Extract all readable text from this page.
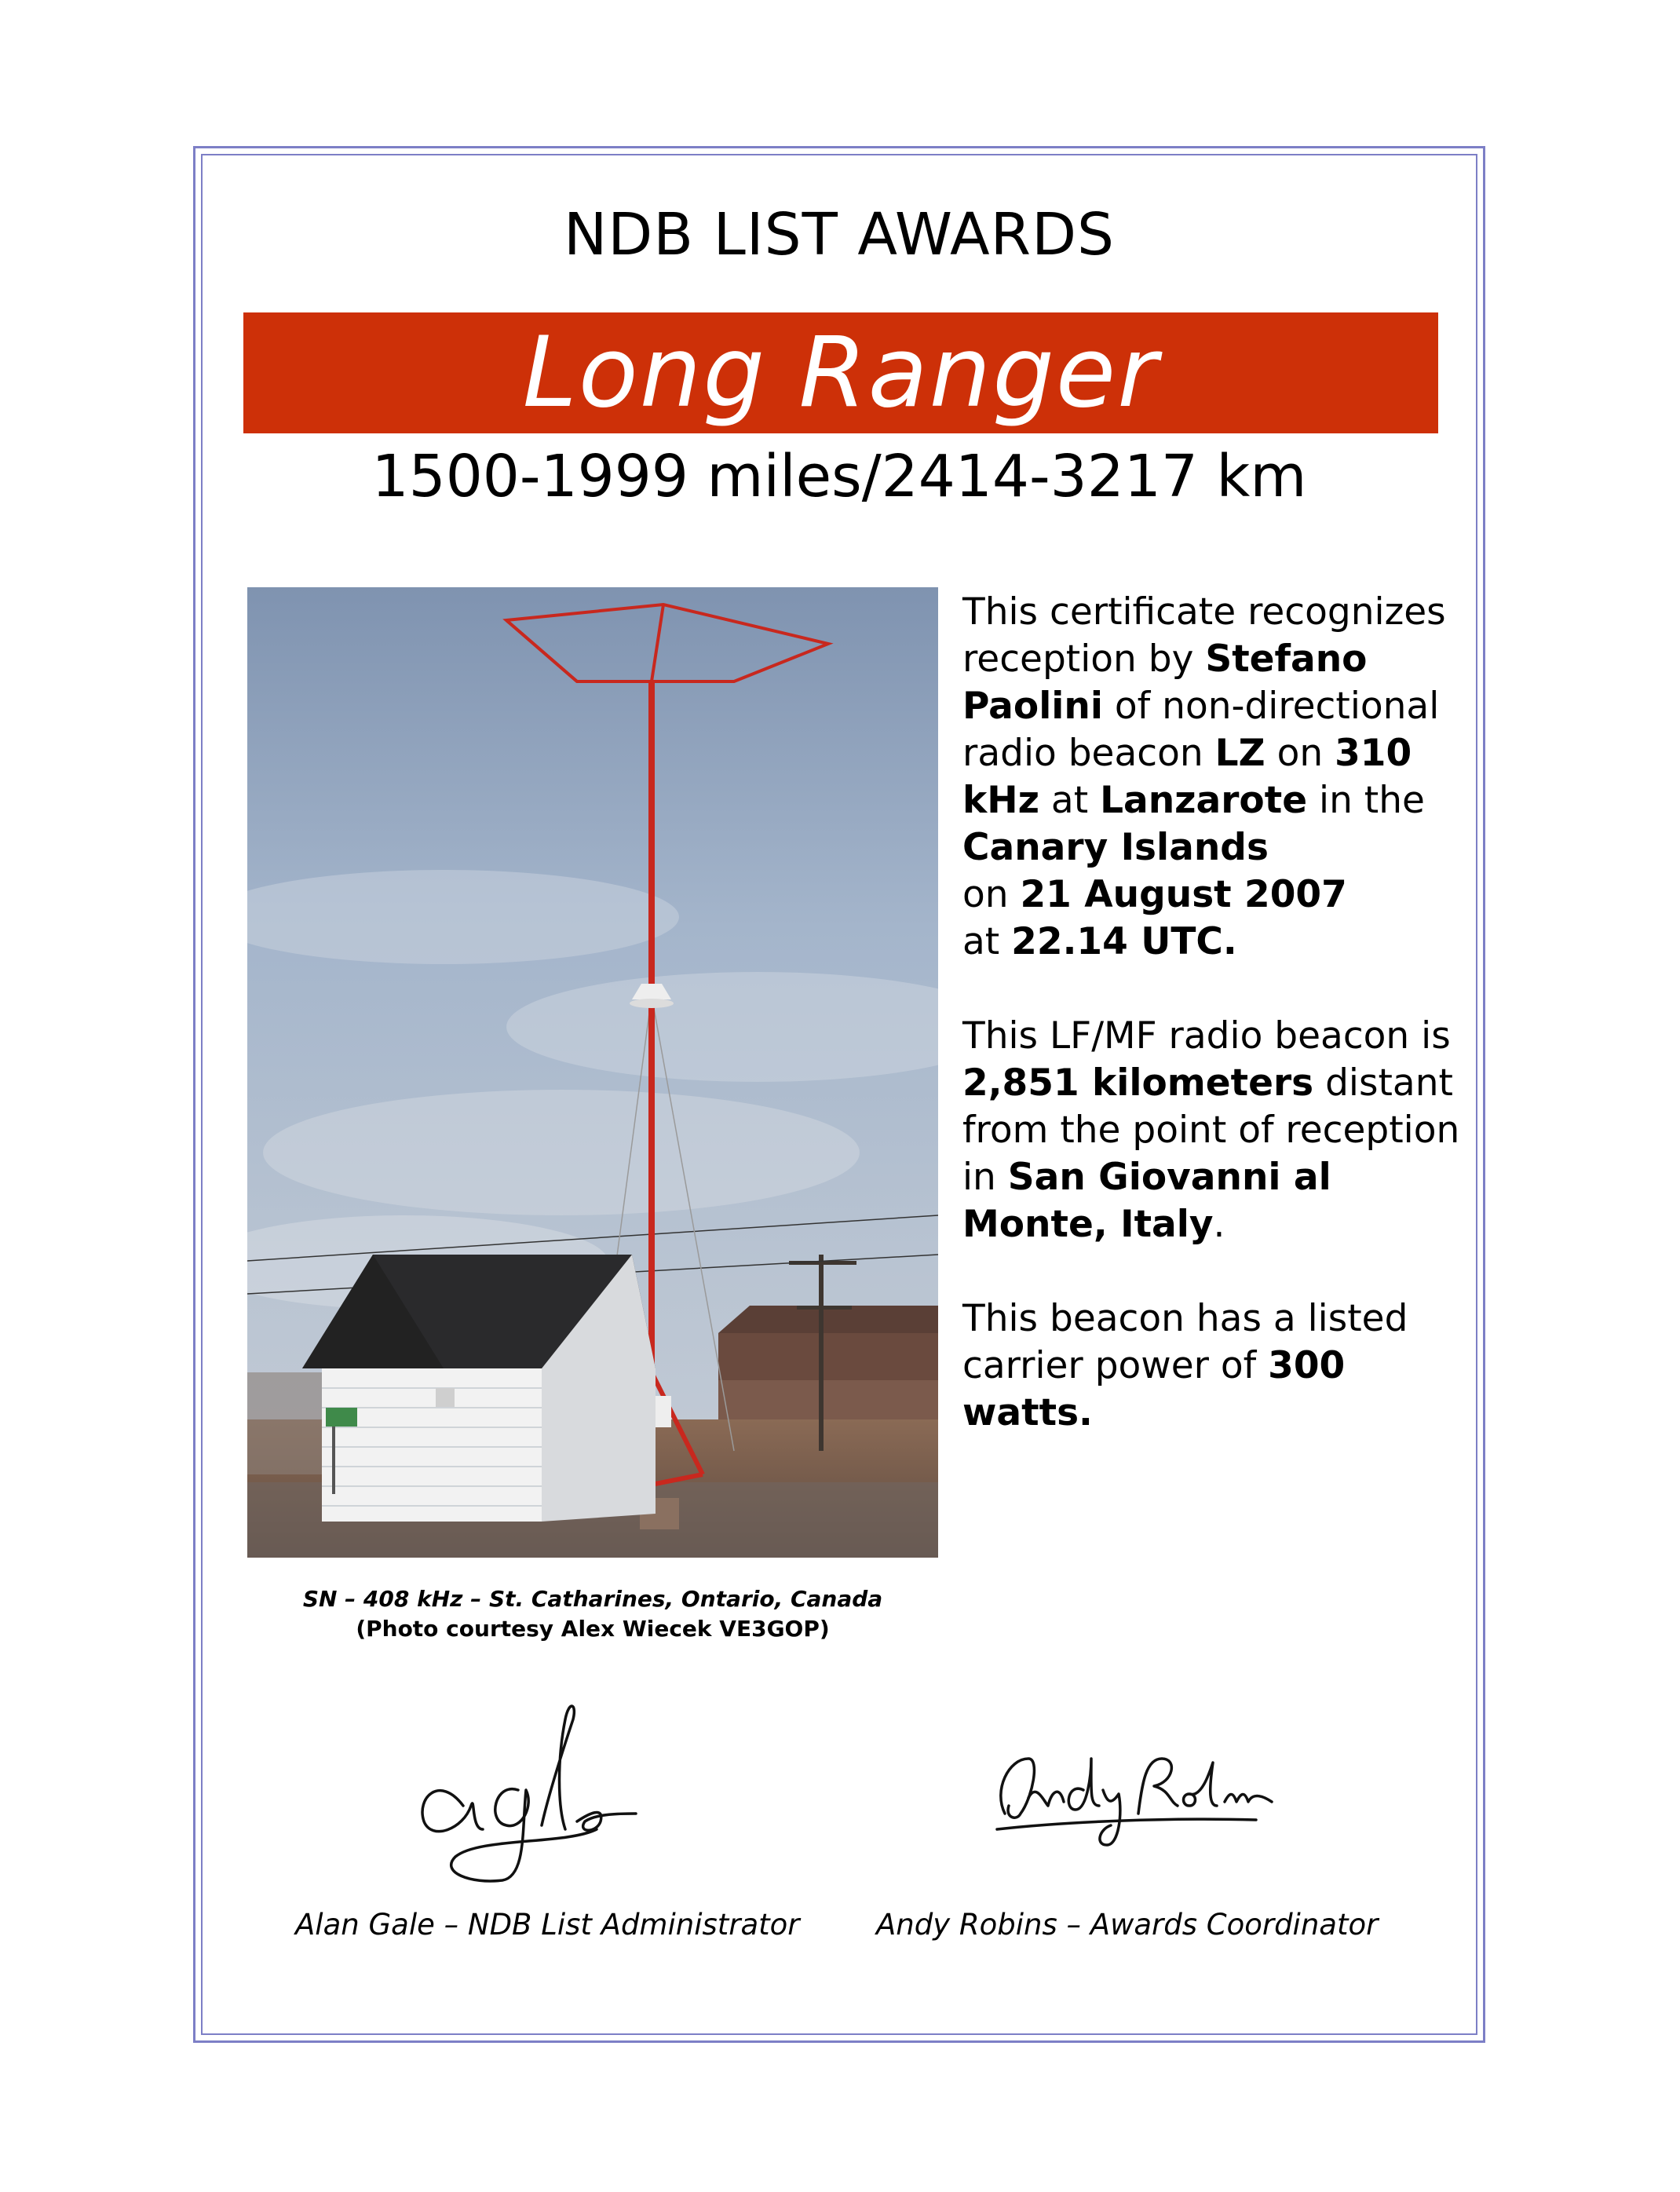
NDB LIST AWARDS
Long Ranger
1500-1999 miles/2414-3217 km
SN – 408 kHz – St. Catharines, Ontario, Canada
(Photo courtesy Alex Wiecek VE3GOP)

This certificate recognizes reception by Stefano Paolini of non-directional radio beacon LZ on 310 kHz at Lanzarote in the Canary Islands
on 21 August 2007
at 22.14 UTC.

This LF/MF radio beacon is 2,851 kilometers distant from the point of reception in San Giovanni al Monte, Italy.

This beacon has a listed carrier power of 300 watts.

Alan Gale – NDB List Administrator	Andy Robins – Awards Coordinator
